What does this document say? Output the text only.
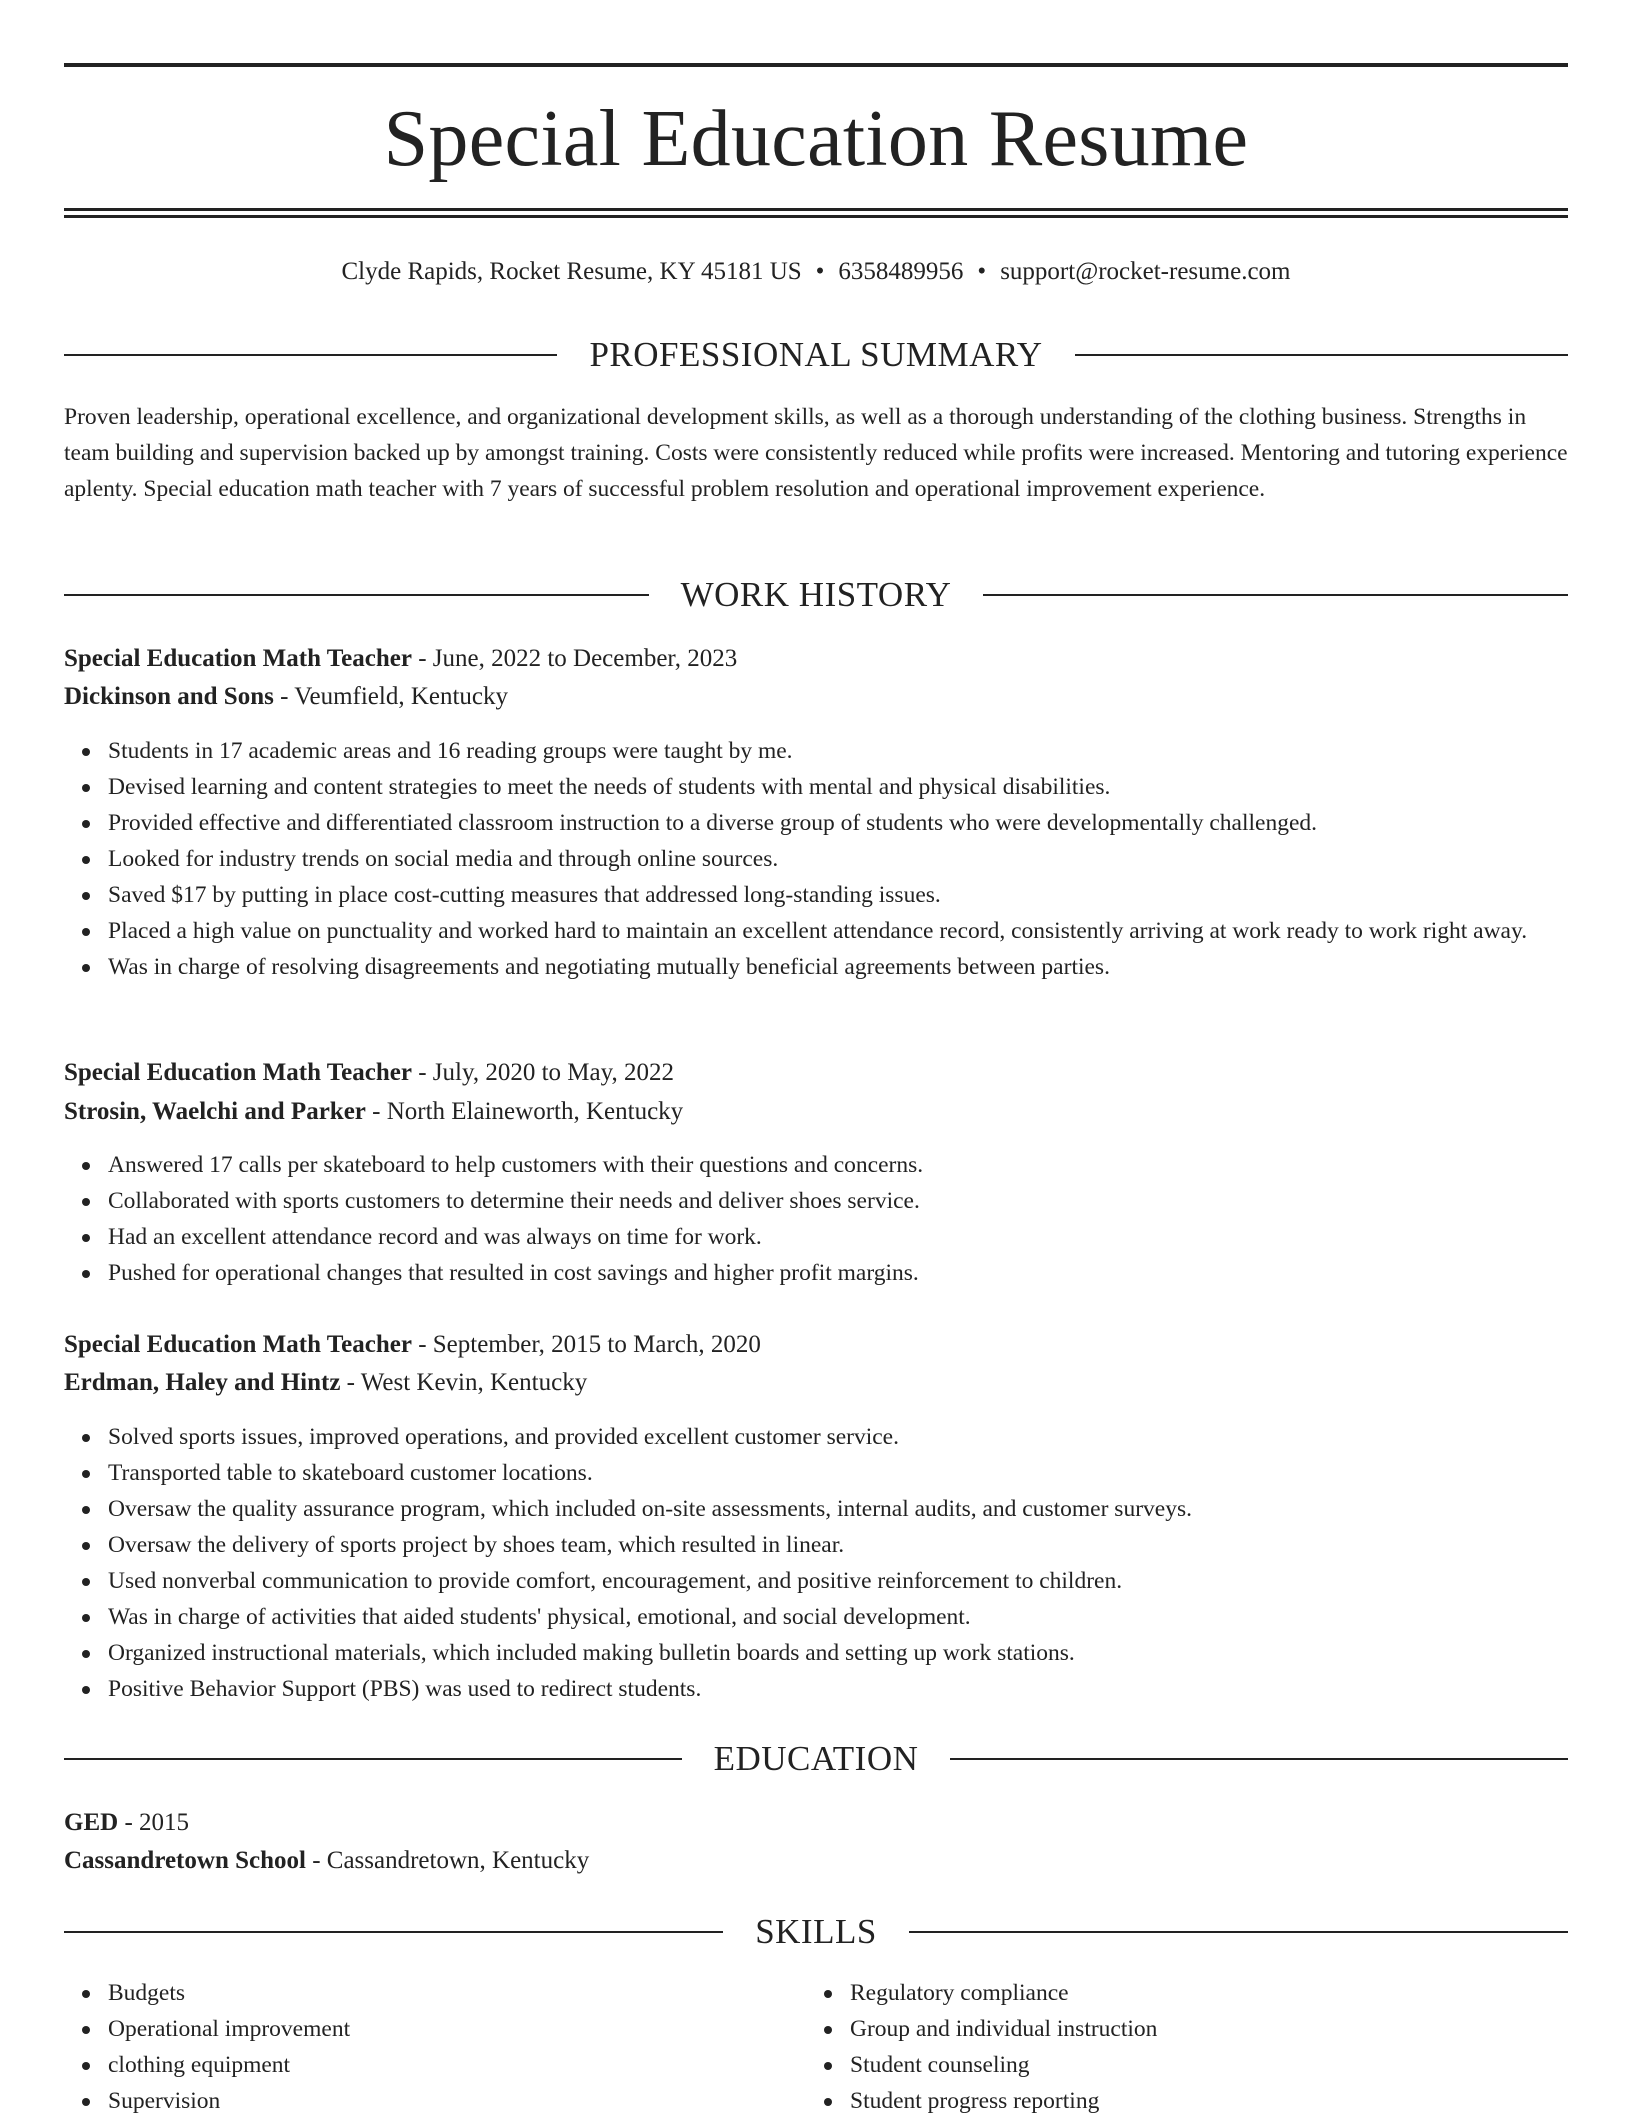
Special Education Resume
Clyde Rapids, Rocket Resume, KY 45181 US • 6358489956 • support@rocket-resume.com
PROFESSIONAL SUMMARY

Proven leadership, operational excellence, and organizational development skills, as well as a thorough understanding of the clothing business. Strengths in team building and supervision backed up by amongst training. Costs were consistently reduced while profits were increased. Mentoring and tutoring experience aplenty. Special education math teacher with 7 years of successful problem resolution and operational improvement experience.

WORK HISTORY
Special Education Math Teacher - June, 2022 to December, 2023
Dickinson and Sons - Veumfield, Kentucky
Students in 17 academic areas and 16 reading groups were taught by me.
Devised learning and content strategies to meet the needs of students with mental and physical disabilities.
Provided effective and differentiated classroom instruction to a diverse group of students who were developmentally challenged.
Looked for industry trends on social media and through online sources.
Saved $17 by putting in place cost-cutting measures that addressed long-standing issues.
Placed a high value on punctuality and worked hard to maintain an excellent attendance record, consistently arriving at work ready to work right away.
Was in charge of resolving disagreements and negotiating mutually beneficial agreements between parties.
Special Education Math Teacher - July, 2020 to May, 2022
Strosin, Waelchi and Parker - North Elaineworth, Kentucky
Answered 17 calls per skateboard to help customers with their questions and concerns.
Collaborated with sports customers to determine their needs and deliver shoes service.
Had an excellent attendance record and was always on time for work.
Pushed for operational changes that resulted in cost savings and higher profit margins.
Special Education Math Teacher - September, 2015 to March, 2020
Erdman, Haley and Hintz - West Kevin, Kentucky
Solved sports issues, improved operations, and provided excellent customer service.
Transported table to skateboard customer locations.
Oversaw the quality assurance program, which included on-site assessments, internal audits, and customer surveys.
Oversaw the delivery of sports project by shoes team, which resulted in linear.
Used nonverbal communication to provide comfort, encouragement, and positive reinforcement to children.
Was in charge of activities that aided students' physical, emotional, and social development.
Organized instructional materials, which included making bulletin boards and setting up work stations.
Positive Behavior Support (PBS) was used to redirect students.
EDUCATION
GED - 2015
Cassandretown School - Cassandretown, Kentucky
SKILLS
Budgets
Operational improvement
clothing equipment
Supervision
Regulatory compliance
Group and individual instruction
Student counseling
Student progress reporting
